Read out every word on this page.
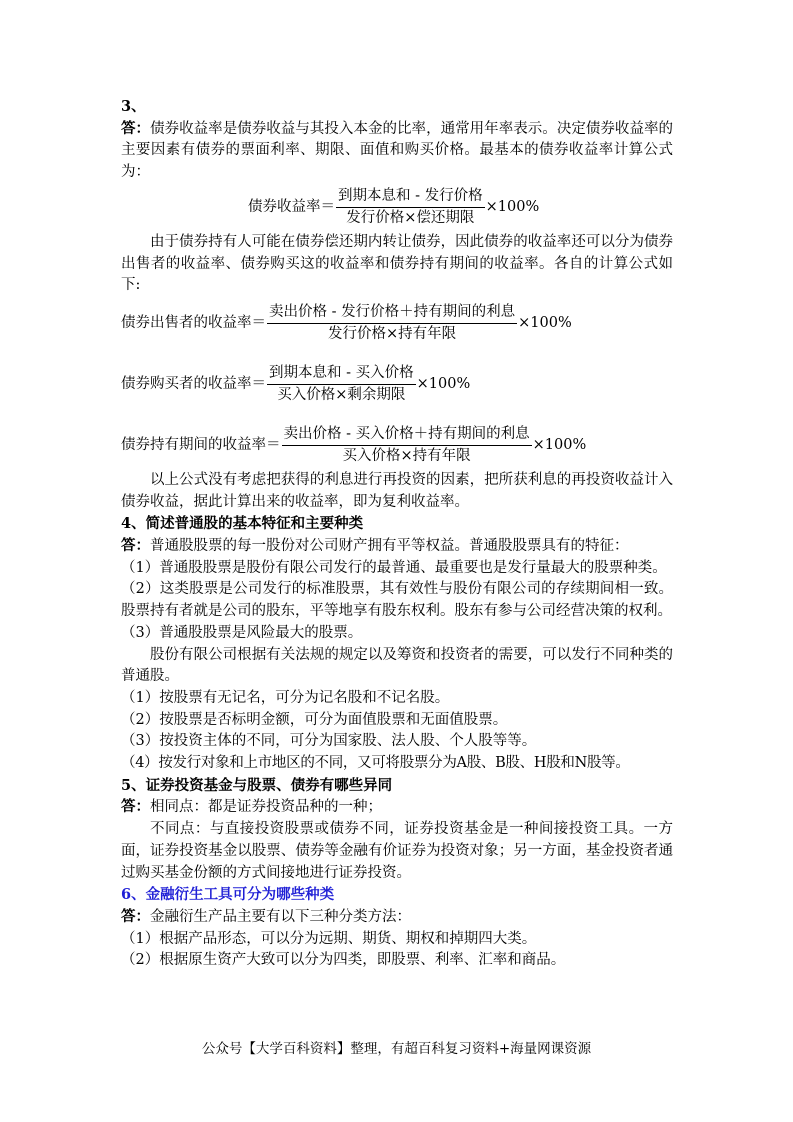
3、
答：债券收益率是债券收益与其投入本金的比率，通常用年率表示。决定债券收益率的主要因素有债券的票面利率、期限、面值和购买价格。最基本的债券收益率计算公式为：
债券收益率＝ $\frac{\text{到期本息和 - 发行价格}}{\text{发行价格×偿还期限}} \times 100\%$
由于债券持有人可能在债券偿还期内转让债券，因此债券的收益率还可以分为债券出售者的收益率、债券购买这的收益率和债券持有期间的收益率。各自的计算公式如下:
债券出售者的收益率＝ $\frac{\text{卖出价格 - 发行价格＋持有期间的利息}}{\text{发行价格×持有年限}} \times 100\%$
债券购买者的收益率＝ $\frac{\text{到期本息和 - 买入价格}}{\text{买入价格×剩余期限}} \times 100\%$
债券持有期间的收益率＝ $\frac{\text{卖出价格 - 买入价格＋持有期间的利息}}{\text{买入价格×持有年限}} \times 100\%$
以上公式没有考虑把获得的利息进行再投资的因素，把所获利息的再投资收益计入债券收益，据此计算出来的收益率，即为复利收益率。
4、简述普通股的基本特征和主要种类
答：普通股股票的每一股份对公司财产拥有平等权益。普通股股票具有的特征：
（1）普通股股票是股份有限公司发行的最普通、最重要也是发行量最大的股票种类。
（2）这类股票是公司发行的标准股票，其有效性与股份有限公司的存续期间相一致。股票持有者就是公司的股东，平等地享有股东权利。股东有参与公司经营决策的权利。
（3）普通股股票是风险最大的股票。
股份有限公司根据有关法规的规定以及筹资和投资者的需要，可以发行不同种类的普通股。
（1）按股票有无记名，可分为记名股和不记名股。
（2）按股票是否标明金额，可分为面值股票和无面值股票。
（3）按投资主体的不同，可分为国家股、法人股、个人股等等。
（4）按发行对象和上市地区的不同，又可将股票分为A股、B股、H股和N股等。
5、证券投资基金与股票、债券有哪些异同
答：相同点：都是证券投资品种的一种；
不同点：与直接投资股票或债券不同，证券投资基金是一种间接投资工具。一方面，证券投资基金以股票、债券等金融有价证券为投资对象；另一方面，基金投资者通过购买基金份额的方式间接地进行证券投资。
6、金融衍生工具可分为哪些种类
答：金融衍生产品主要有以下三种分类方法：
（1）根据产品形态，可以分为远期、期货、期权和掉期四大类。
（2）根据原生资产大致可以分为四类，即股票、利率、汇率和商品。
公众号【大学百科资料】整理，有超百科复习资料+海量网课资源
